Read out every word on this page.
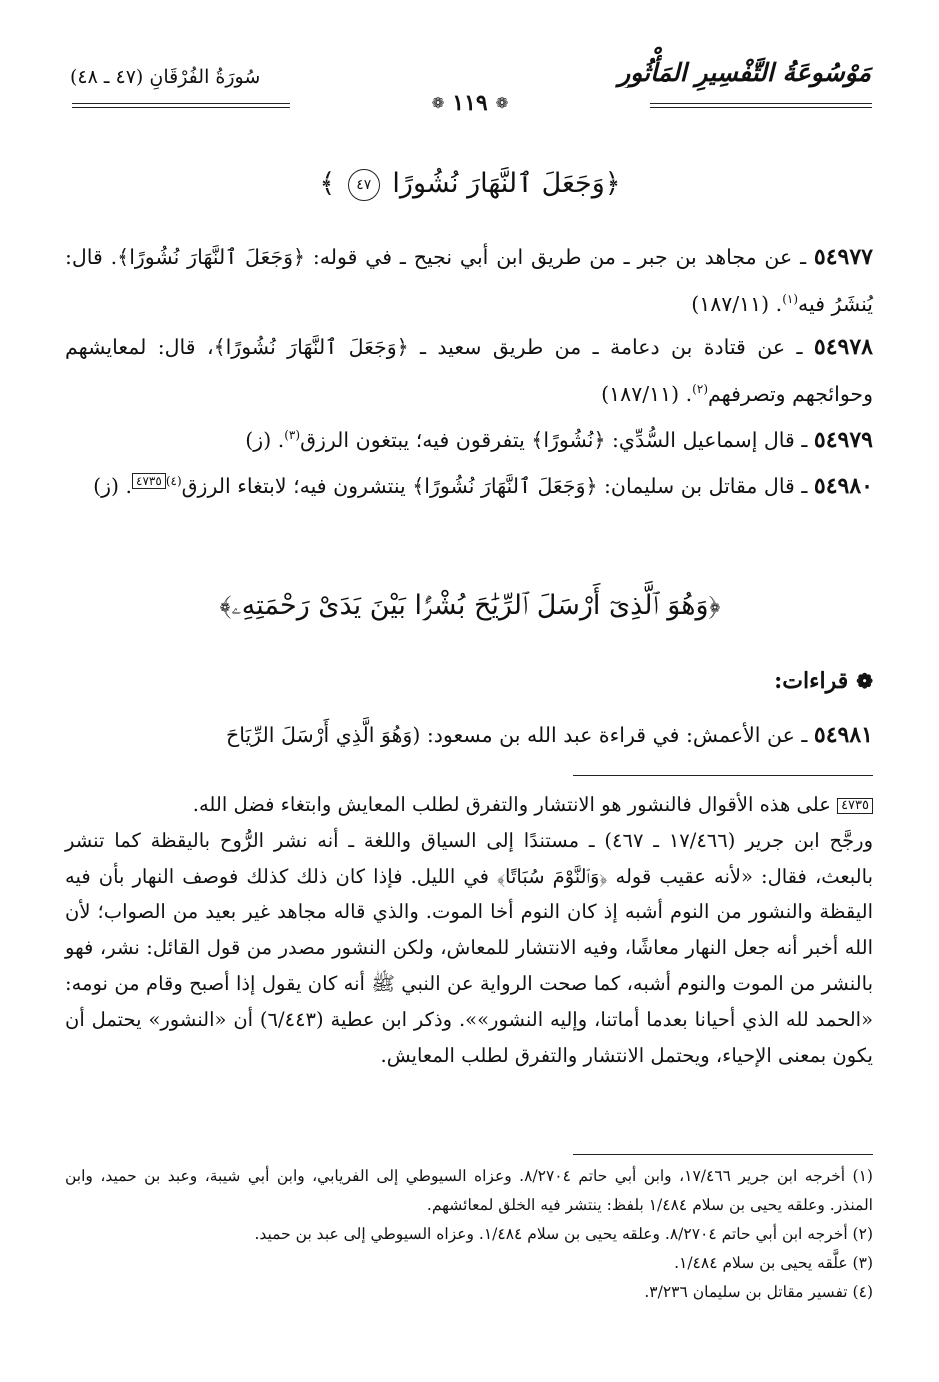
مَوْسُوعَةُ التَّفْسِيرِ المَأْثُورِ
سُورَةُ الفُرْقَانِ (٤٧ ـ ٤٨)
❁ ١١٩ ❁
﴿وَجَعَلَ ٱلنَّهَارَ نُشُورًا ٤٧ ﴾
٥٤٩٧٧ ـ عن مجاهد بن جبر ـ من طريق ابن أبي نجيح ـ في قوله: ﴿وَجَعَلَ ٱلنَّهَارَ نُشُورًا﴾. قال: يُنشَرُ فيه$^{(١)}$. (١٨٧/١١)
٥٤٩٧٨ ـ عن قتادة بن دعامة ـ من طريق سعيد ـ ﴿وَجَعَلَ ٱلنَّهَارَ نُشُورًا﴾، قال: لمعايشهم وحوائجهم وتصرفهم$^{(٢)}$. (١٨٧/١١)
٥٤٩٧٩ ـ قال إسماعيل السُّدِّي: ﴿نُشُورًا﴾ يتفرقون فيه؛ يبتغون الرزق$^{(٣)}$. (ز)
٥٤٩٨٠ ـ قال مقاتل بن سليمان: ﴿وَجَعَلَ ٱلنَّهَارَ نُشُورًا﴾ ينتشرون فيه؛ لابتغاء الرزق$^{(٤)}$٤٧٣٥. (ز)
﴿وَهُوَ ٱلَّذِىٓ أَرْسَلَ ٱلرِّيَٰحَ بُشْرًۢا بَيْنَ يَدَىْ رَحْمَتِهِۦ﴾
❁
قراءات:
٥٤٩٨١ ـ عن الأعمش: في قراءة عبد الله بن مسعود: (وَهُوَ الَّذِي أَرْسَلَ الرِّيَاحَ
٤٧٣٥ على هذه الأقوال فالنشور هو الانتشار والتفرق لطلب المعايش وابتغاء فضل الله.
ورجَّح ابن جرير (١٧/٤٦٦ ـ ٤٦٧) ـ مستندًا إلى السياق واللغة ـ أنه نشر الرُّوح باليقظة كما تنشر بالبعث، فقال: «لأنه عقيب قوله ﴿وَٱلنَّوْمَ سُبَاتًا﴾ في الليل. فإذا كان ذلك كذلك فوصف النهار بأن فيه اليقظة والنشور من النوم أشبه إذ كان النوم أخا الموت. والذي قاله مجاهد غير بعيد من الصواب؛ لأن الله أخبر أنه جعل النهار معاشًا، وفيه الانتشار للمعاش، ولكن النشور مصدر من قول القائل: نشر، فهو بالنشر من الموت والنوم أشبه، كما صحت الرواية عن النبي ﷺ أنه كان يقول إذا أصبح وقام من نومه: «الحمد لله الذي أحيانا بعدما أماتنا، وإليه النشور»». وذكر ابن عطية (٦/٤٤٣) أن «النشور» يحتمل أن يكون بمعنى الإحياء، ويحتمل الانتشار والتفرق لطلب المعايش.
(١) أخرجه ابن جرير ١٧/٤٦٦، وابن أبي حاتم ٨/٢٧٠٤. وعزاه السيوطي إلى الفريابي، وابن أبي شيبة، وعبد بن حميد، وابن المنذر. وعلقه يحيى بن سلام ١/٤٨٤ بلفظ: ينتشر فيه الخلق لمعائشهم.
(٢) أخرجه ابن أبي حاتم ٨/٢٧٠٤. وعلقه يحيى بن سلام ١/٤٨٤. وعزاه السيوطي إلى عبد بن حميد.
(٣) علَّقه يحيى بن سلام ١/٤٨٤.
(٤) تفسير مقاتل بن سليمان ٣/٢٣٦.
